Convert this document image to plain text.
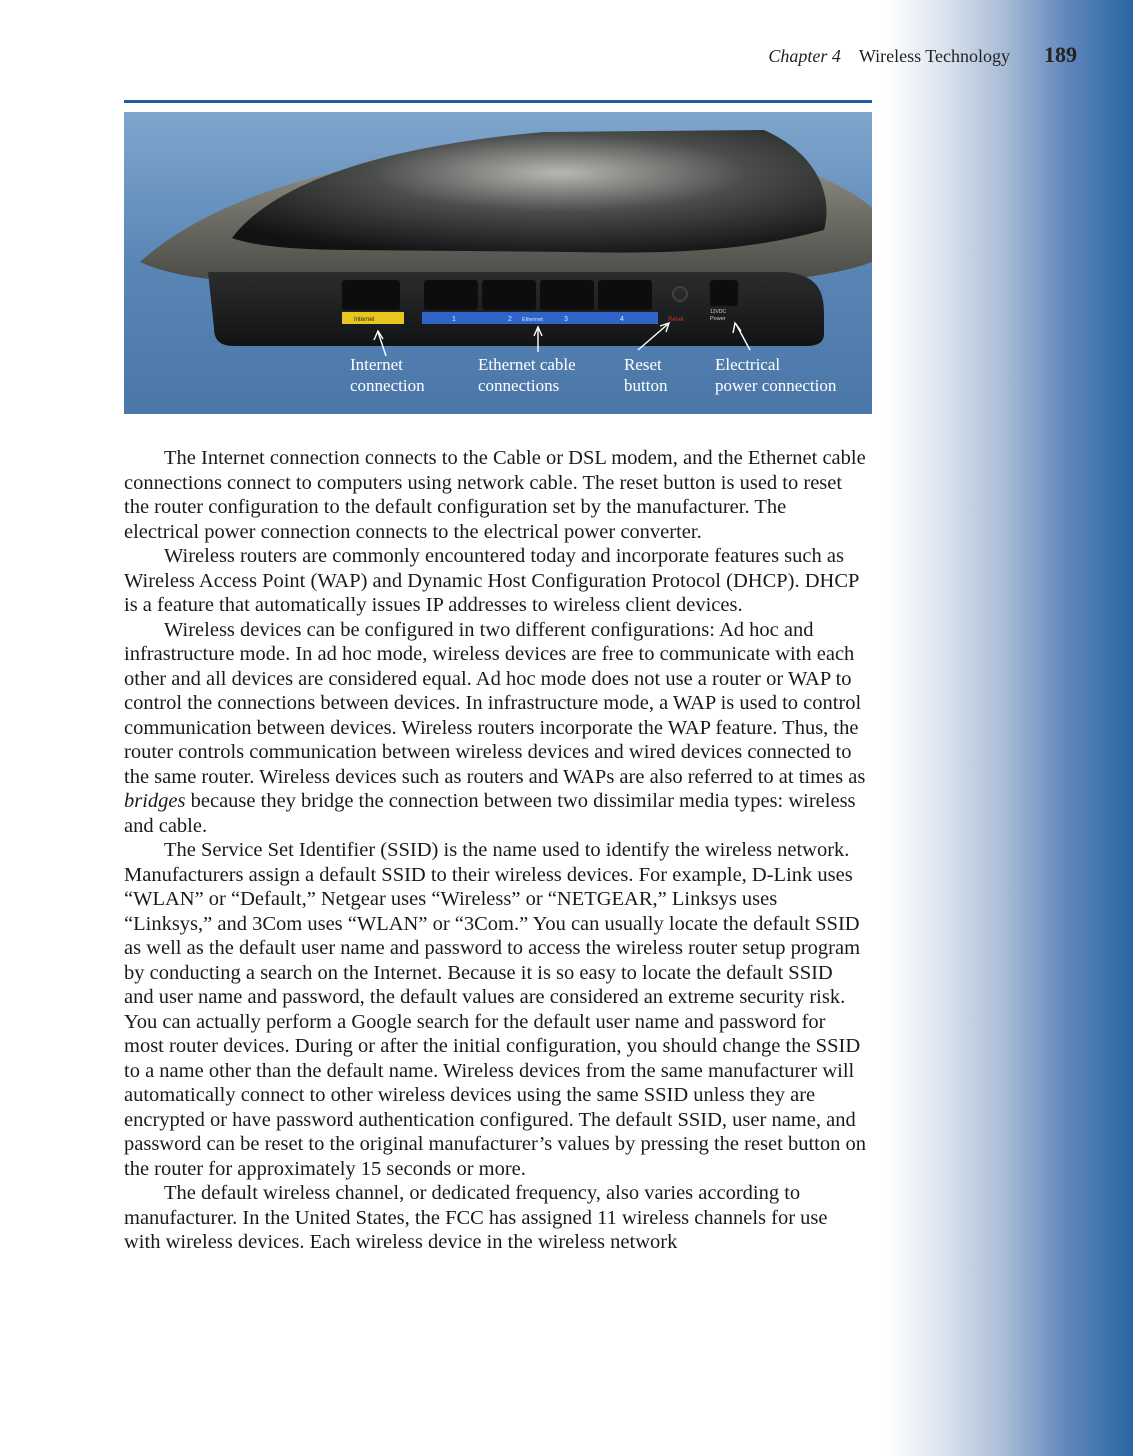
Chapter 4 Wireless Technology 189
Internet	1	2 Ethernet	3	4	Reset
12VDC
Power
Internet
connection
Ethernet cable
connections
Reset
button
Electrical
power connection

The Internet connection connects to the Cable or DSL modem, and the Ethernet cable connections connect to computers using network cable. The reset button is used to reset the router configuration to the default configuration set by the manufacturer. The electrical power connection connects to the electrical power converter.

Wireless routers are commonly encountered today and incorporate features such as Wireless Access Point (WAP) and Dynamic Host Configuration Protocol (DHCP). DHCP is a feature that automatically issues IP addresses to wireless client devices.

Wireless devices can be configured in two different configurations: Ad hoc and infrastructure mode. In ad hoc mode, wireless devices are free to communicate with each other and all devices are considered equal. Ad hoc mode does not use a router or WAP to control the connections between devices. In infrastructure mode, a WAP is used to control communication between devices. Wireless routers incorporate the WAP feature. Thus, the router controls communication between wireless devices and wired devices connected to the same router. Wireless devices such as routers and WAPs are also referred to at times as bridges because they bridge the connection between two dissimilar media types: wireless and cable.

The Service Set Identifier (SSID) is the name used to identify the wireless network. Manufacturers assign a default SSID to their wireless devices. For example, D-Link uses “WLAN” or “Default,” Netgear uses “Wireless” or “NETGEAR,” Linksys uses “Linksys,” and 3Com uses “WLAN” or “3Com.” You can usually locate the default SSID as well as the default user name and password to access the wireless router setup program by conducting a search on the Internet. Because it is so easy to locate the default SSID and user name and password, the default values are considered an extreme security risk. You can actually perform a Google search for the default user name and password for most router devices. During or after the initial configuration, you should change the SSID to a name other than the default name. Wireless devices from the same manufacturer will automatically connect to other wireless devices using the same SSID unless they are encrypted or have password authentication configured. The default SSID, user name, and password can be reset to the original manufacturer’s values by pressing the reset button on the router for approximately 15 seconds or more.

The default wireless channel, or dedicated frequency, also varies according to manufacturer. In the United States, the FCC has assigned 11 wireless channels for use with wireless devices. Each wireless device in the wireless network
